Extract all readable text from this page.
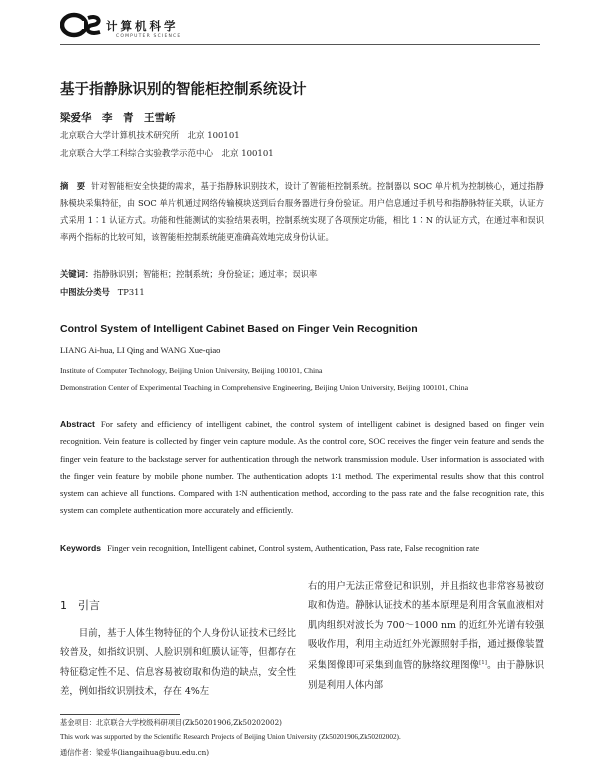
计算机科学
COMPUTER SCIENCE
基于指静脉识别的智能柜控制系统设计
梁爱华　李　青　王雪峤
北京联合大学计算机技术研究所　北京 100101
北京联合大学工科综合实验教学示范中心　北京 100101
摘　要 针对智能柜安全快捷的需求，基于指静脉识别技术，设计了智能柜控制系统。控制器以 SOC 单片机为控制核心，通过指静脉模块采集特征，由 SOC 单片机通过网络传输模块送到后台服务器进行身份验证。用户信息通过手机号和指静脉特征关联，认证方式采用 1∶1 认证方式。功能和性能测试的实验结果表明，控制系统实现了各项预定功能，相比 1∶N 的认证方式，在通过率和误识率两个指标的比较可知，该智能柜控制系统能更准确高效地完成身份认证。
关键词：指静脉识别；智能柜；控制系统；身份验证；通过率；误识率
中图法分类号 TP311
Control System of Intelligent Cabinet Based on Finger Vein Recognition
LIANG Ai-hua, LI Qing and WANG Xue-qiao
Institute of Computer Technology, Beijing Union University, Beijing 100101, China
Demonstration Center of Experimental Teaching in Comprehensive Engineering, Beijing Union University, Beijing 100101, China
Abstract For safety and efficiency of intelligent cabinet, the control system of intelligent cabinet is designed based on finger vein recognition. Vein feature is collected by finger vein capture module. As the control core, SOC receives the finger vein feature and sends the finger vein feature to the backstage server for authentication through the network transmission module. User information is associated with the finger vein feature by mobile phone number. The authentication adopts 1∶1 method. The experimental results show that this control system can achieve all functions. Compared with 1∶N authentication method, according to the pass rate and the false recognition rate, this system can complete authentication more accurately and efficiently.
Keywords Finger vein recognition, Intelligent cabinet, Control system, Authentication, Pass rate, False recognition rate
1　引言
目前，基于人体生物特征的个人身份认证技术已经比较普及，如指纹识别、人脸识别和虹膜认证等，但都存在特征稳定性不足、信息容易被窃取和伪造的缺点，安全性差，例如指纹识别技术，存在 4%左
右的用户无法正常登记和识别，并且指纹也非常容易被窃取和伪造。静脉认证技术的基本原理是利用含氧血液相对肌肉组织对波长为 700～1000 nm 的近红外光谱有较强吸收作用，利用主动近红外光源照射手指，通过摄像装置采集图像即可采集到血管的脉络纹理图像[1]。由于静脉识别是利用人体内部
基金项目：北京联合大学校级科研项目(Zk50201906,Zk50202002)
This work was supported by the Scientific Research Projects of Beijing Union University (Zk50201906,Zk50202002).
通信作者：梁爱华(liangaihua@buu.edu.cn)
